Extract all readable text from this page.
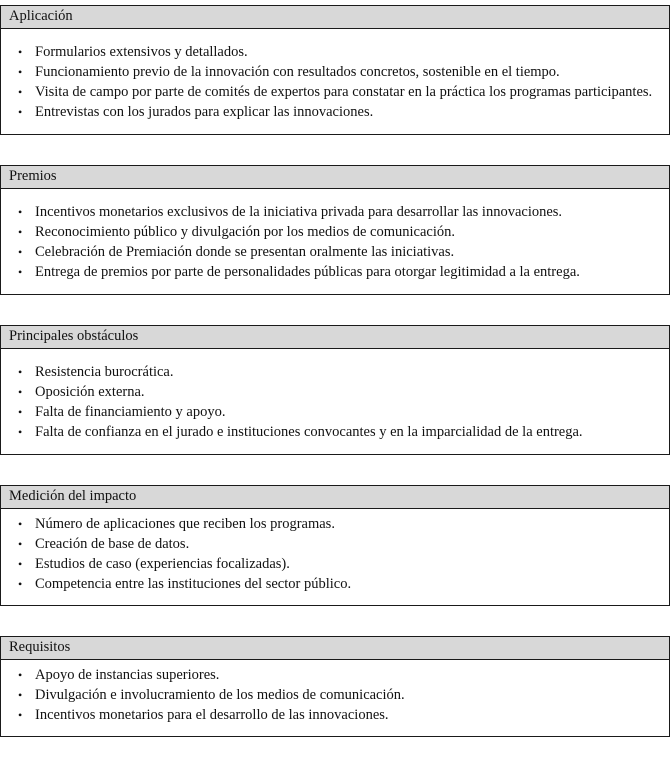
Aplicación
• Formularios extensivos y detallados.
• Funcionamiento previo de la innovación con resultados concretos, sostenible en el tiempo.
• Visita de campo por parte de comités de expertos para constatar en la práctica los programas participantes.
• Entrevistas con los jurados para explicar las innovaciones.
Premios
• Incentivos monetarios exclusivos de la iniciativa privada para desarrollar las innovaciones.
• Reconocimiento público y divulgación por los medios de comunicación.
• Celebración de Premiación donde se presentan oralmente las iniciativas.
• Entrega de premios por parte de personalidades públicas para otorgar legitimidad a la entrega.
Principales obstáculos
• Resistencia burocrática.
• Oposición externa.
• Falta de financiamiento y apoyo.
• Falta de confianza en el jurado e instituciones convocantes y en la imparcialidad de la entrega.
Medición del impacto
• Número de aplicaciones que reciben los programas.
• Creación de base de datos.
• Estudios de caso (experiencias focalizadas).
• Competencia entre las instituciones del sector público.
Requisitos
• Apoyo de instancias superiores.
• Divulgación e involucramiento de los medios de comunicación.
• Incentivos monetarios para el desarrollo de las innovaciones.
